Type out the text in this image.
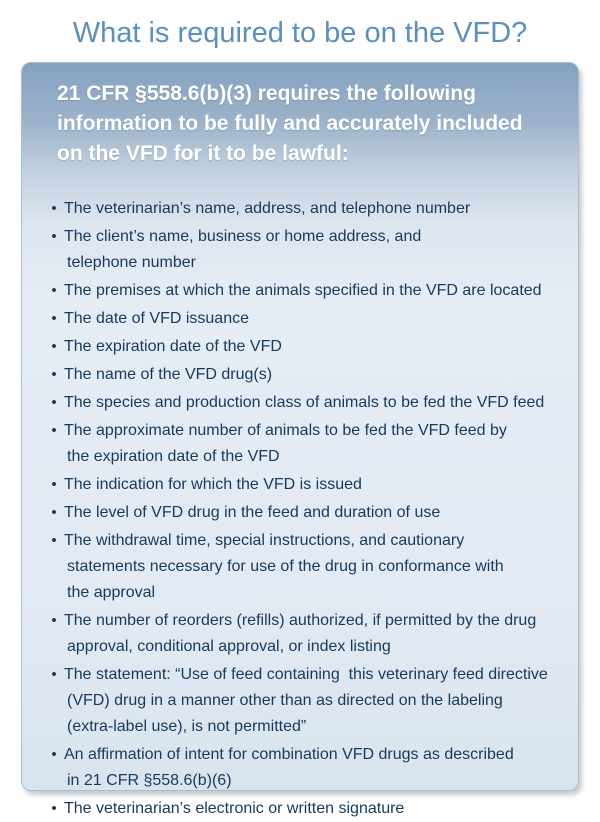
What is required to be on the VFD?
21 CFR §558.6(b)(3) requires the following
information to be fully and accurately included
on the VFD for it to be lawful:
• The veterinarian’s name, address, and telephone number
• The client’s name, business or home address, and
telephone number
• The premises at which the animals specified in the VFD are located
• The date of VFD issuance
• The expiration date of the VFD
• The name of the VFD drug(s)
• The species and production class of animals to be fed the VFD feed
• The approximate number of animals to be fed the VFD feed by
the expiration date of the VFD
• The indication for which the VFD is issued
• The level of VFD drug in the feed and duration of use
• The withdrawal time, special instructions, and cautionary
statements necessary for use of the drug in conformance with
the approval
• The number of reorders (refills) authorized, if permitted by the drug
approval, conditional approval, or index listing
• The statement: “Use of feed containing  this veterinary feed directive
(VFD) drug in a manner other than as directed on the labeling
(extra-label use), is not permitted”
• An affirmation of intent for combination VFD drugs as described
in 21 CFR §558.6(b)(6)
• The veterinarian’s electronic or written signature
